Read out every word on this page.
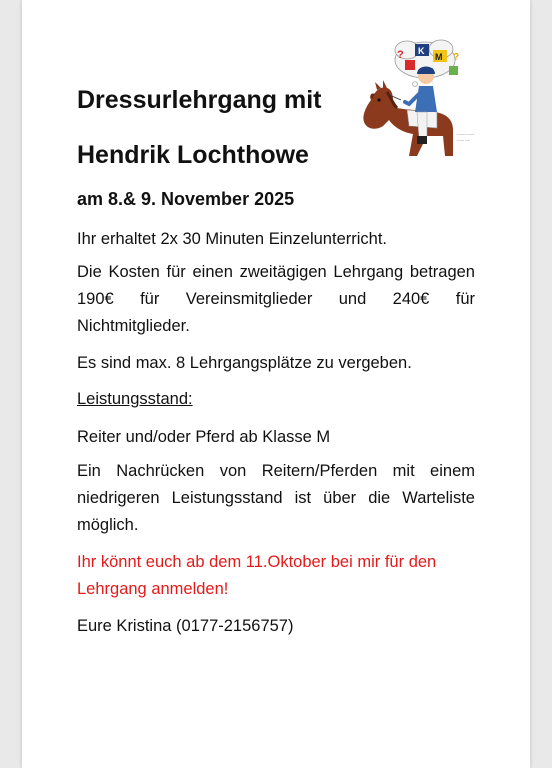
Dressurlehrgang mit
Hendrik Lochthowe
K
M
?	?
~~~~ ~~~
~~~ ~~
am 8.& 9. November 2025

Ihr erhaltet 2x 30 Minuten Einzelunterricht.

Die Kosten für einen zweitägigen Lehrgang betragen 190€ für Vereinsmitglieder und 240€ für Nichtmitglieder.

Es sind max. 8 Lehrgangsplätze zu vergeben.

Leistungsstand:

Reiter und/oder Pferd ab Klasse M

Ein Nachrücken von Reitern/Pferden mit einem niedrigeren Leistungsstand ist über die Warteliste möglich.

Ihr könnt euch ab dem 11.Oktober bei mir für den Lehrgang anmelden!

Eure Kristina (0177-2156757)
